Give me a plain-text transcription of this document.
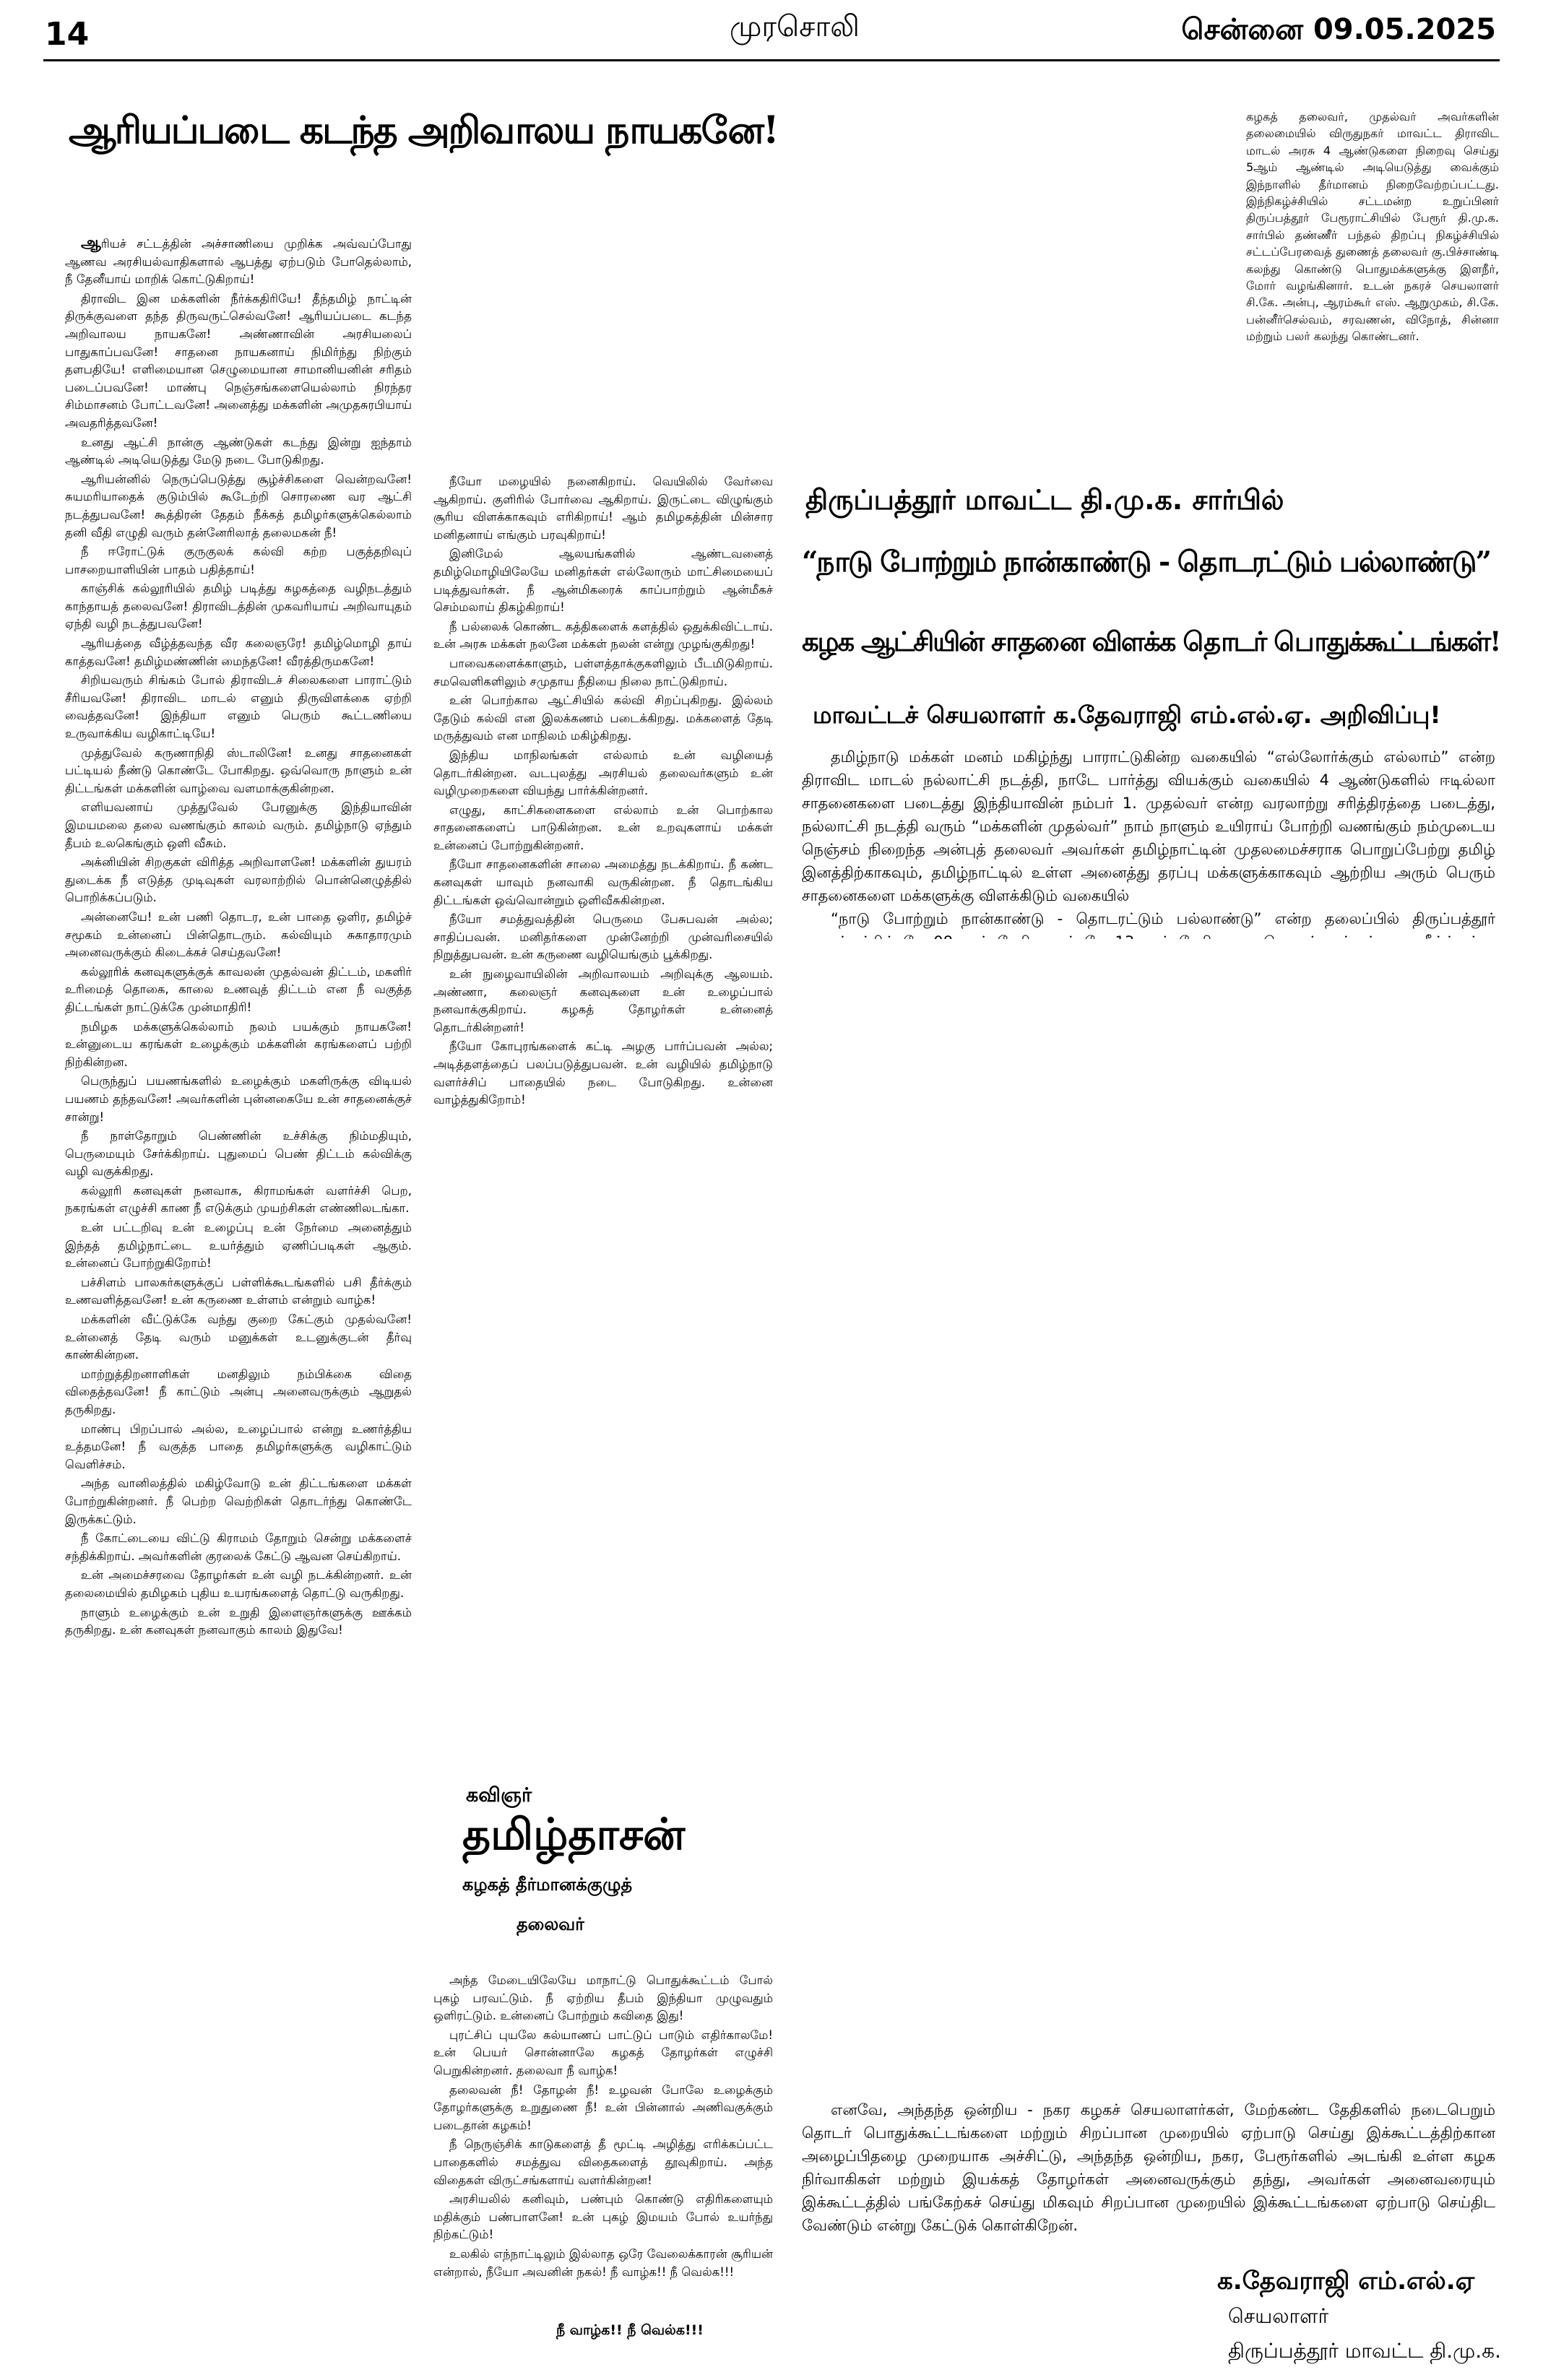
14	முரசொலி	சென்னை 09.05.2025
ஆரியப்படை கடந்த அறிவாலய நாயகனே!	கழகத் தலைவர், முதல்வர் அவர்களின் தலைமையில் விருதுநகர் மாவட்ட திராவிட மாடல் அரசு 4 ஆண்டுகளை நிறைவு செய்து 5ஆம் ஆண்டில் அடியெடுத்து வைக்கும் இந்நாளில் தீர்மானம் நிறைவேற்றப்பட்டது. இந்நிகழ்ச்சியில் சட்டமன்ற உறுப்பினர் திருப்பத்தூர் பேரூராட்சியில் பேரூர் தி.மு.க. சார்பில் தண்ணீர் பந்தல் திறப்பு நிகழ்ச்சியில் சட்டப்பேரவைத் துணைத் தலைவர் கு.பிச்சாண்டி கலந்து கொண்டு பொதுமக்களுக்கு இளநீர், மோர் வழங்கினார். உடன் நகரச் செயலாளர் சி.கே. அன்பு, ஆரம்கூர் எஸ். ஆறுமுகம், சி.கே. பன்னீர்செல்வம், சரவணன், விநோத், சின்னா மற்றும் பலர் கலந்து கொண்டனர்.

ஆரியச் சட்டத்தின் அச்சாணியை முறிக்க அவ்வப்போது ஆணவ அரசியல்வாதிகளால் ஆபத்து ஏற்படும் போதெல்லாம், நீ தேனீயாய் மாறிக் கொட்டுகிறாய்!

திராவிட இன மக்களின் நீர்க்கதிரியே! தீந்தமிழ் நாட்டின் திருக்குவளை தந்த திருவருட்செல்வனே! ஆரியப்படை கடந்த அறிவாலய நாயகனே! அண்ணாவின் அரசியலைப் பாதுகாப்பவனே! சாதனை நாயகனாய் நிமிர்ந்து நிற்கும் தளபதியே! எளிமையான செழுமையான சாமானியனின் சரிதம் படைப்பவனே! மாண்பு நெஞ்சங்களையெல்லாம் நிரந்தர சிம்மாசனம் போட்டவனே! அனைத்து மக்களின் அமுதசுரபியாய் அவதரித்தவனே!

உனது ஆட்சி நான்கு ஆண்டுகள் கடந்து இன்று ஐந்தாம் ஆண்டில் அடியெடுத்து மேடு நடை போடுகிறது.

ஆரியன்னில் நெருப்பெடுத்து சூழ்ச்சிகளை வென்றவனே! சுயமரியாதைக் குடும்பில் கூடேற்றி சொரணை வர ஆட்சி நடத்துபவனே! கூத்திரன் தேதம் நீக்கத் தமிழர்களுக்கெல்லாம் தனி வீதி எழுதி வரும் தன்னேரிலாத் தலைமகன் நீ!

நீ ஈரோட்டுக் குருகுலக் கல்வி கற்ற பகுத்தறிவுப் பாசறையாளியின் பாதம் பதித்தாய்!

காஞ்சிக் கல்லூரியில் தமிழ் படித்து கழகத்தை வழிநடத்தும் காந்தாயத் தலைவனே! திராவிடத்தின் முகவரியாய் அறிவாயுதம் ஏந்தி வழி நடத்துபவனே!

ஆரியத்தை வீழ்த்தவந்த வீர கலைஞரே! தமிழ்மொழி தாய் காத்தவனே! தமிழ்மண்ணின் மைந்தனே! வீரத்திருமகனே!

சிறியவரும் சிங்கம் போல் திராவிடச் சிலைகளை பாராட்டும் சீரியவனே! திராவிட மாடல் எனும் திருவிளக்கை ஏற்றி வைத்தவனே! இந்தியா எனும் பெரும் கூட்டணியை உருவாக்கிய வழிகாட்டியே!

முத்துவேல் கருணாநிதி ஸ்டாலினே! உனது சாதனைகள் பட்டியல் நீண்டு கொண்டே போகிறது. ஒவ்வொரு நாளும் உன் திட்டங்கள் மக்களின் வாழ்வை வளமாக்குகின்றன.

எளியவனாய் முத்துவேல் பேரனுக்கு இந்தியாவின் இமயமலை தலை வணங்கும் காலம் வரும். தமிழ்நாடு ஏந்தும் தீபம் உலகெங்கும் ஒளி வீசும்.

அக்னியின் சிறகுகள் விரித்த அறிவாளனே! மக்களின் துயரம் துடைக்க நீ எடுத்த முடிவுகள் வரலாற்றில் பொன்னெழுத்தில் பொறிக்கப்படும்.

அன்னையே! உன் பணி தொடர, உன் பாதை ஒளிர, தமிழ்ச் சமூகம் உன்னைப் பின்தொடரும். கல்வியும் சுகாதாரமும் அனைவருக்கும் கிடைக்கச் செய்தவனே!

கல்லூரிக் கனவுகளுக்குக் காவலன் முதல்வன் திட்டம், மகளிர் உரிமைத் தொகை, காலை உணவுத் திட்டம் என நீ வகுத்த திட்டங்கள் நாட்டுக்கே முன்மாதிரி!

நமிழக மக்களுக்கெல்லாம் நலம் பயக்கும் நாயகனே! உன்னுடைய கரங்கள் உழைக்கும் மக்களின் கரங்களைப் பற்றி நிற்கின்றன.

பெருந்துப் பயணங்களில் உழைக்கும் மகளிருக்கு விடியல் பயணம் தந்தவனே! அவர்களின் புன்னகையே உன் சாதனைக்குச் சான்று!

நீ நாள்தோறும் பெண்ணின் உச்சிக்கு நிம்மதியும், பெருமையும் சேர்க்கிறாய். புதுமைப் பெண் திட்டம் கல்விக்கு வழி வகுக்கிறது.

கல்லூரி கனவுகள் நனவாக, கிராமங்கள் வளர்ச்சி பெற, நகரங்கள் எழுச்சி காண நீ எடுக்கும் முயற்சிகள் எண்ணிலடங்கா.

உன் பட்டறிவு உன் உழைப்பு உன் நேர்மை அனைத்தும் இந்தத் தமிழ்நாட்டை உயர்த்தும் ஏணிப்படிகள் ஆகும். உன்னைப் போற்றுகிறோம்!

பச்சிளம் பாலகர்களுக்குப் பள்ளிக்கூடங்களில் பசி தீர்க்கும் உணவளித்தவனே! உன் கருணை உள்ளம் என்றும் வாழ்க!

மக்களின் வீட்டுக்கே வந்து குறை கேட்கும் முதல்வனே! உன்னைத் தேடி வரும் மனுக்கள் உடனுக்குடன் தீர்வு காண்கின்றன.

மாற்றுத்திறனாளிகள் மனதிலும் நம்பிக்கை விதை விதைத்தவனே! நீ காட்டும் அன்பு அனைவருக்கும் ஆறுதல் தருகிறது.

மாண்பு பிறப்பால் அல்ல, உழைப்பால் என்று உணர்த்திய உத்தமனே! நீ வகுத்த பாதை தமிழர்களுக்கு வழிகாட்டும் வெளிச்சம்.

அந்த வானிலத்தில் மகிழ்வோடு உன் திட்டங்களை மக்கள் போற்றுகின்றனர். நீ பெற்ற வெற்றிகள் தொடர்ந்து கொண்டே இருக்கட்டும்.

நீ கோட்டையை விட்டு கிராமம் தோறும் சென்று மக்களைச் சந்திக்கிறாய். அவர்களின் குரலைக் கேட்டு ஆவன செய்கிறாய்.

உன் அமைச்சரவை தோழர்கள் உன் வழி நடக்கின்றனர். உன் தலைமையில் தமிழகம் புதிய உயரங்களைத் தொட்டு வருகிறது.

நாளும் உழைக்கும் உன் உறுதி இளைஞர்களுக்கு ஊக்கம் தருகிறது. உன் கனவுகள் நனவாகும் காலம் இதுவே!

நீயோ மழையில் நனைகிறாய். வெயிலில் வேர்வை ஆகிறாய். குளிரில் போர்வை ஆகிறாய். இருட்டை விழுங்கும் சூரிய விளக்காகவும் எரிகிறாய்! ஆம் தமிழகத்தின் மின்சார மனிதனாய் எங்கும் பரவுகிறாய்!

இனிமேல் ஆலயங்களில் ஆண்டவனைத் தமிழ்மொழியிலேயே மனிதர்கள் எல்லோரும் மாட்சிமையைப் படித்துவர்கள். நீ ஆன்மிகரைக் காப்பாற்றும் ஆன்மீகச் செம்மலாய் திகழ்கிறாய்!

நீ பல்லைக் கொண்ட கத்திகளைக் களத்தில் ஒதுக்கிவிட்டாய். உன் அரசு மக்கள் நலனே மக்கள் நலன் என்று முழங்குகிறது!

பாவைகளைக்காளும், பள்ளத்தாக்குகளிலும் பீடமிடுகிறாய். சமவெளிகளிலும் சமுதாய நீதியை நிலை நாட்டுகிறாய்.

உன் பொற்கால ஆட்சியில் கல்வி சிறப்புகிறது. இல்லம் தேடும் கல்வி என இலக்கணம் படைக்கிறது. மக்களைத் தேடி மருத்துவம் என மாநிலம் மகிழ்கிறது.

இந்திய மாநிலங்கள் எல்லாம் உன் வழியைத் தொடர்கின்றன. வடபுலத்து அரசியல் தலைவர்களும் உன் வழிமுறைகளை வியந்து பார்க்கின்றனர்.

எழுது, காட்சிகளைகளை எல்லாம் உன் பொற்கால சாதனைகளைப் பாடுகின்றன. உன் உறவுகளாய் மக்கள் உன்னைப் போற்றுகின்றனர்.

நீயோ சாதனைகளின் சாலை அமைத்து நடக்கிறாய். நீ கண்ட கனவுகள் யாவும் நனவாகி வருகின்றன. நீ தொடங்கிய திட்டங்கள் ஒவ்வொன்றும் ஒளிவீசுகின்றன.

நீயோ சமத்துவத்தின் பெருமை பேசுபவன் அல்ல; சாதிப்பவன். மனிதர்களை முன்னேற்றி முன்வரிசையில் நிறுத்துபவன். உன் கருணை வழியெங்கும் பூக்கிறது.

உன் நுழைவாயிலின் அறிவாலயம் அறிவுக்கு ஆலயம். அண்ணா, கலைஞர் கனவுகளை உன் உழைப்பால் நனவாக்குகிறாய். கழகத் தோழர்கள் உன்னைத் தொடர்கின்றனர்!

நீயோ கோபுரங்களைக் கட்டி அழகு பார்ப்பவன் அல்ல; அடித்தளத்தைப் பலப்படுத்துபவன். உன் வழியில் தமிழ்நாடு வளர்ச்சிப் பாதையில் நடை போடுகிறது. உன்னை வாழ்த்துகிறோம்!

கவிஞர்
தமிழ்தாசன்
கழகத் தீர்மானக்குழுத்
தலைவர்

அந்த மேடையிலேயே மாநாட்டு பொதுக்கூட்டம் போல் புகழ் பரவட்டும். நீ ஏற்றிய தீபம் இந்தியா முழுவதும் ஒளிரட்டும். உன்னைப் போற்றும் கவிதை இது!

புரட்சிப் புயலே கல்யாணப் பாட்டுப் பாடும் எதிர்காலமே! உன் பெயர் சொன்னாலே கழகத் தோழர்கள் எழுச்சி பெறுகின்றனர். தலைவா நீ வாழ்க!

தலைவன் நீ! தோழன் நீ! உழவன் போலே உழைக்கும் தோழர்களுக்கு உறுதுணை நீ! உன் பின்னால் அணிவகுக்கும் படைதான் கழகம்!

நீ நெருஞ்சிக் காடுகளைத் தீ மூட்டி அழித்து எரிக்கப்பட்ட பாதைகளில் சமத்துவ விதைகளைத் தூவுகிறாய். அந்த விதைகள் விருட்சங்களாய் வளர்கின்றன!

அரசியலில் கனிவும், பண்பும் கொண்டு எதிரிகளையும் மதிக்கும் பண்பாளனே! உன் புகழ் இமயம் போல் உயர்ந்து நிற்கட்டும்!

உலகில் எந்நாட்டிலும் இல்லாத ஒரே வேலைக்காரன் சூரியன் என்றால், நீயோ அவனின் நகல்! நீ வாழ்க!! நீ வெல்க!!!

நீ வாழ்க!! நீ வெல்க!!!
திருப்பத்தூர் மாவட்ட தி.மு.க. சார்பில்
“நாடு போற்றும் நான்காண்டு - தொடரட்டும் பல்லாண்டு”
கழக ஆட்சியின் சாதனை விளக்க தொடர் பொதுக்கூட்டங்கள்!
மாவட்டச் செயலாளர் க.தேவராஜி எம்.எல்.ஏ. அறிவிப்பு!

தமிழ்நாடு மக்கள் மனம் மகிழ்ந்து பாராட்டுகின்ற வகையில் “எல்லோர்க்கும் எல்லாம்” என்ற திராவிட மாடல் நல்லாட்சி நடத்தி, நாடே பார்த்து வியக்கும் வகையில் 4 ஆண்டுகளில் ஈடில்லா சாதனைகளை படைத்து இந்தியாவின் நம்பர் 1. முதல்வர் என்ற வரலாற்று சரித்திரத்தை படைத்து, நல்லாட்சி நடத்தி வரும் “மக்களின் முதல்வர்” நாம் நாளும் உயிராய் போற்றி வணங்கும் நம்முடைய நெஞ்சம் நிறைந்த அன்புத் தலைவர் அவர்கள் தமிழ்நாட்டின் முதலமைச்சராக பொறுப்பேற்று தமிழ் இனத்திற்காகவும், தமிழ்நாட்டில் உள்ள அனைத்து தரப்பு மக்களுக்காகவும் ஆற்றிய அரும் பெரும் சாதனைகளை மக்களுக்கு விளக்கிடும் வகையில்

“நாடு போற்றும் நான்காண்டு - தொடரட்டும் பல்லாண்டு” என்ற தலைப்பில் திருப்பத்தூர்

எனவே, அந்தந்த ஒன்றிய - நகர கழகச் செயலாளர்கள், மேற்கண்ட தேதிகளில் நடைபெறும் தொடர் பொதுக்கூட்டங்களை மற்றும் சிறப்பான முறையில் ஏற்பாடு செய்து இக்கூட்டத்திற்கான அழைப்பிதழை முறையாக அச்சிட்டு, அந்தந்த ஒன்றிய, நகர, பேரூர்களில் அடங்கி உள்ள கழக நிர்வாகிகள் மற்றும் இயக்கத் தோழர்கள் அனைவருக்கும் தந்து, அவர்கள் அனைவரையும் இக்கூட்டத்தில் பங்கேற்கச் செய்து மிகவும் சிறப்பான முறையில் இக்கூட்டங்களை ஏற்பாடு செய்திட வேண்டும் என்று கேட்டுக் கொள்கிறேன்.

க.தேவராஜி எம்.எல்.ஏ
செயலாளர்
திருப்பத்தூர் மாவட்ட தி.மு.க.
